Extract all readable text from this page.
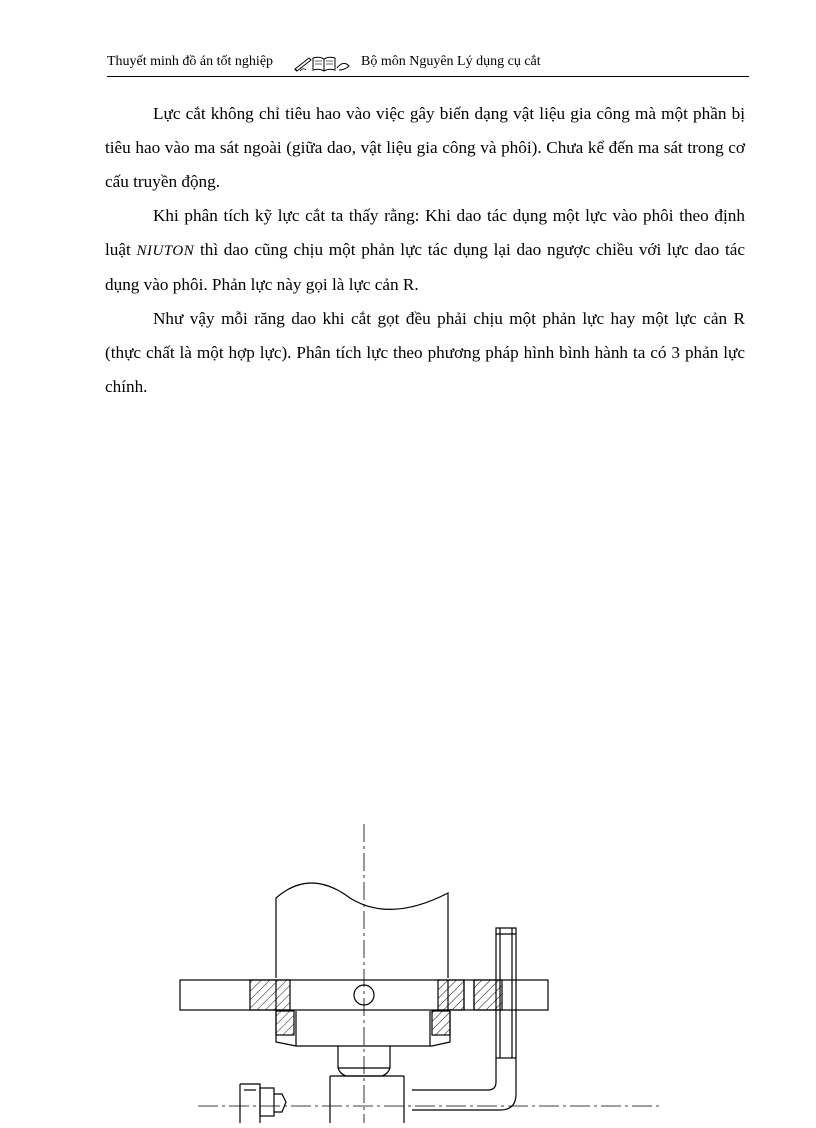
Thuyết minh đồ án tốt nghiệp	Bộ môn Nguyên Lý dụng cụ cắt

Lực cắt không chỉ tiêu hao vào việc gây biến dạng vật liệu gia công mà một phần bị tiêu hao vào ma sát ngoài (giữa dao, vật liệu gia công và phôi). Chưa kể đến ma sát trong cơ cấu truyền động.

Khi phân tích kỹ lực cắt ta thấy rằng: Khi dao tác dụng một lực vào phôi theo định luật NIUTON thì dao cũng chịu một phản lực tác dụng lại dao ngược chiều với lực dao tác dụng vào phôi. Phản lực này gọi là lực cản R.

Như vậy mỗi răng dao khi cắt gọt đều phải chịu một phản lực hay một lực cản R (thực chất là một hợp lực). Phân tích lực theo phương pháp hình bình hành ta có 3 phản lực chính.
